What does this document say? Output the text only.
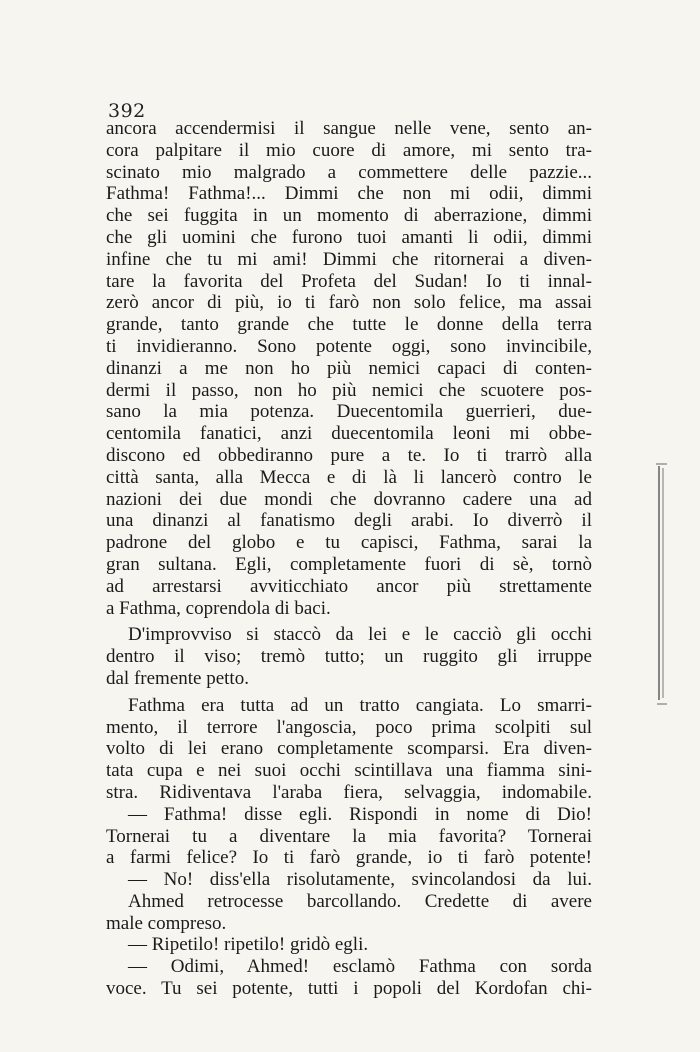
392
ancora accendermisi il sangue nelle vene, sento an-
cora palpitare il mio cuore di amore, mi sento tra-
scinato mio malgrado a commettere delle pazzie...
Fathma! Fathma!... Dimmi che non mi odii, dimmi
che sei fuggita in un momento di aberrazione, dimmi
che gli uomini che furono tuoi amanti li odii, dimmi
infine che tu mi ami! Dimmi che ritornerai a diven-
tare la favorita del Profeta del Sudan! Io ti innal-
zerò ancor di più, io ti farò non solo felice, ma assai
grande, tanto grande che tutte le donne della terra
ti invidieranno. Sono potente oggi, sono invincibile,
dinanzi a me non ho più nemici capaci di conten-
dermi il passo, non ho più nemici che scuotere pos-
sano la mia potenza. Duecentomila guerrieri, due-
centomila fanatici, anzi duecentomila leoni mi obbe-
discono ed obbediranno pure a te. Io ti trarrò alla
città santa, alla Mecca e di là li lancerò contro le
nazioni dei due mondi che dovranno cadere una ad
una dinanzi al fanatismo degli arabi. Io diverrò il
padrone del globo e tu capisci, Fathma, sarai la
gran sultana. Egli, completamente fuori di sè, tornò
ad arrestarsi avviticchiato ancor più strettamente
a Fathma, coprendola di baci.
D'improvviso si staccò da lei e le cacciò gli occhi
dentro il viso; tremò tutto; un ruggito gli irruppe
dal fremente petto.
Fathma era tutta ad un tratto cangiata. Lo smarri-
mento, il terrore l'angoscia, poco prima scolpiti sul
volto di lei erano completamente scomparsi. Era diven-
tata cupa e nei suoi occhi scintillava una fiamma sini-
stra. Ridiventava l'araba fiera, selvaggia, indomabile.
— Fathma! disse egli. Rispondi in nome di Dio!
Tornerai tu a diventare la mia favorita? Tornerai
a farmi felice? Io ti farò grande, io ti farò potente!
— No! diss'ella risolutamente, svincolandosi da lui.
Ahmed retrocesse barcollando. Credette di avere
male compreso.
— Ripetilo! ripetilo! gridò egli.
— Odimi, Ahmed! esclamò Fathma con sorda
voce. Tu sei potente, tutti i popoli del Kordofan chi-
